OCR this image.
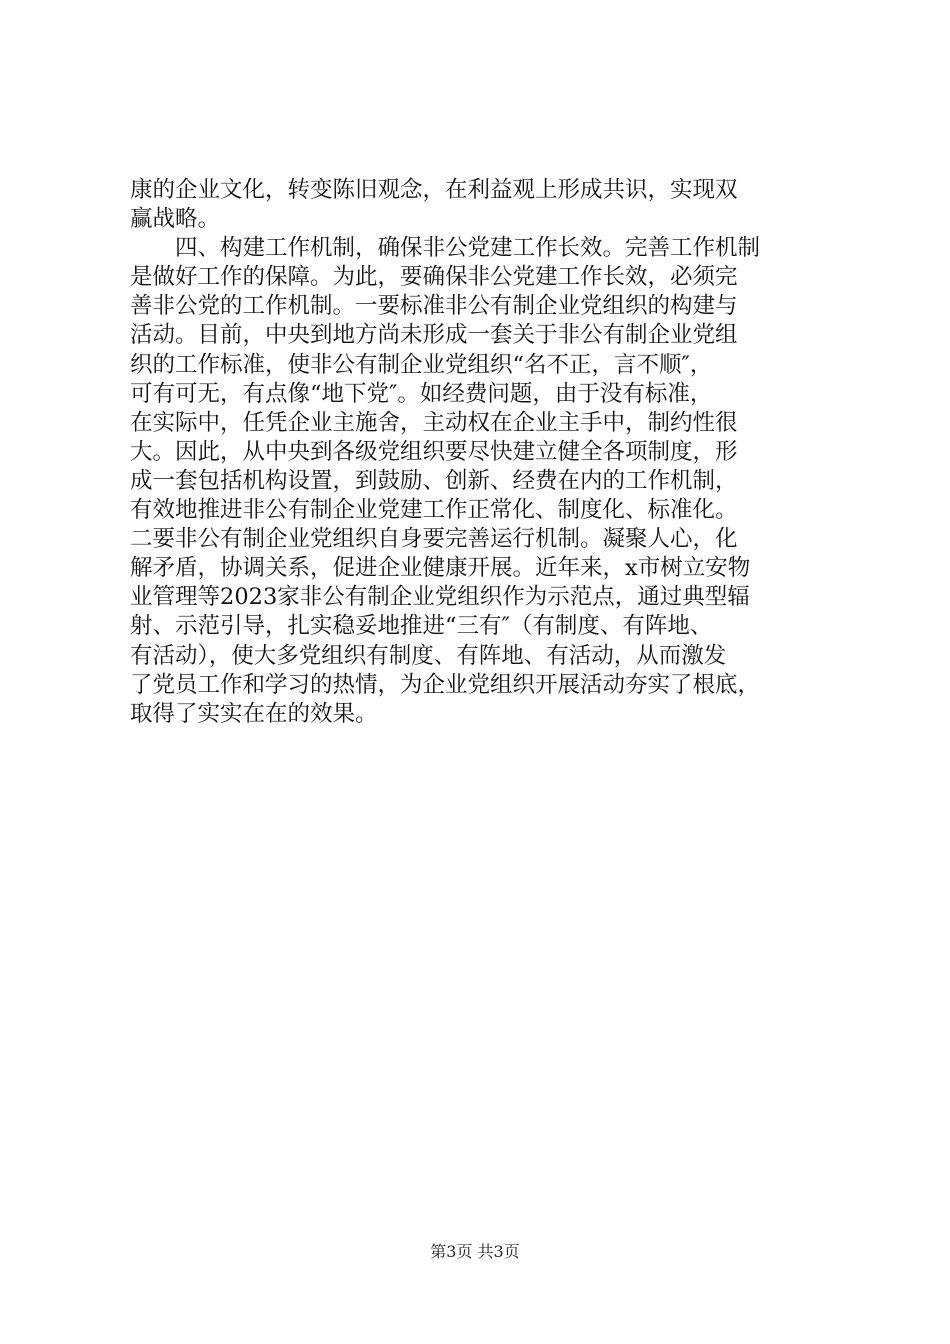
康的企业文化，转变陈旧观念，在利益观上形成共识，实现双
赢战略。
四、构建工作机制，确保非公党建工作长效。完善工作机制
是做好工作的保障。为此，要确保非公党建工作长效，必须完
善非公党的工作机制。一要标准非公有制企业党组织的构建与
活动。目前，中央到地方尚未形成一套关于非公有制企业党组
织的工作标准，使非公有制企业党组织“名不正，言不顺″，
可有可无，有点像“地下党″。如经费问题，由于没有标准，
在实际中，任凭企业主施舍，主动权在企业主手中，制约性很
大。因此，从中央到各级党组织要尽快建立健全各项制度，形
成一套包括机构设置，到鼓励、创新、经费在内的工作机制，
有效地推进非公有制企业党建工作正常化、制度化、标准化。
二要非公有制企业党组织自身要完善运行机制。凝聚人心，化
解矛盾，协调关系，促进企业健康开展。近年来，x市树立安物
业管理等2023家非公有制企业党组织作为示范点，通过典型辐
射、示范引导，扎实稳妥地推进“三有″（有制度、有阵地、
有活动），使大多党组织有制度、有阵地、有活动，从而激发
了党员工作和学习的热情，为企业党组织开展活动夯实了根底，
取得了实实在在的效果。
第3页 共3页
